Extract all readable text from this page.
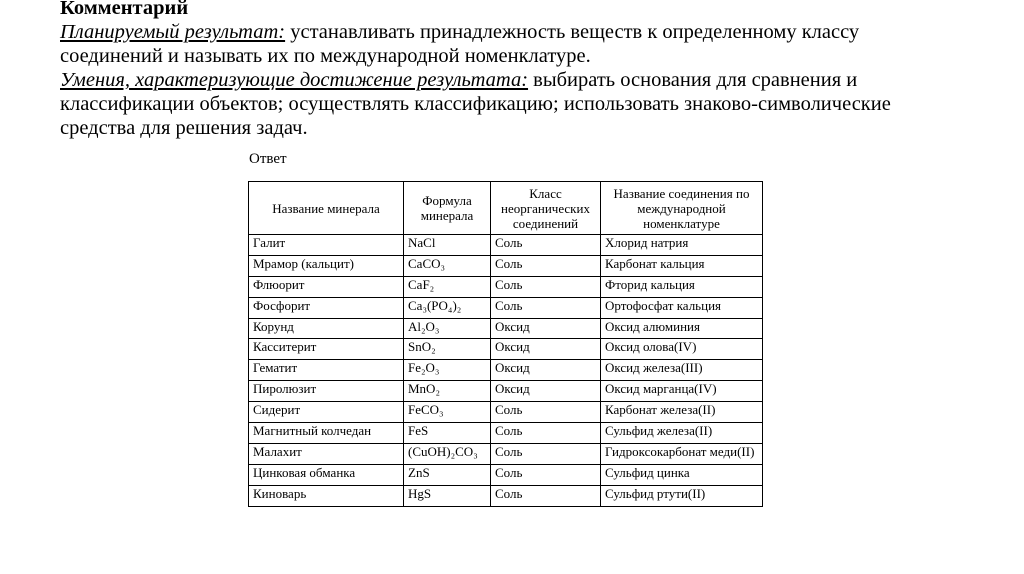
Комментарий
Планируемый результат: устанавливать принадлежность веществ к определенному классу соединений и называть их по международной номенклатуре.
Умения, характеризующие достижение результата: выбирать основания для сравнения и классификации объектов; осуществлять классификацию; использовать знаково-символические средства для решения задач.
Ответ
Название минерала	Формула минерала	Класс неорганических соединений	Название соединения по международной номенклатуре
Галит	NaCl	Соль	Хлорид натрия
Мрамор (кальцит)	CaCO₃	Соль	Карбонат кальция
Флюорит	CaF₂	Соль	Фторид кальция
Фосфорит	Ca₃(PO₄)₂	Соль	Ортофосфат кальция
Корунд	Al₂O₃	Оксид	Оксид алюминия
Касситерит	SnO₂	Оксид	Оксид олова(IV)
Гематит	Fe₂O₃	Оксид	Оксид железа(III)
Пиролюзит	MnO₂	Оксид	Оксид марганца(IV)
Сидерит	FeCO₃	Соль	Карбонат железа(II)
Магнитный колчедан	FeS	Соль	Сульфид железа(II)
Малахит	(CuOH)₂CO₃	Соль	Гидроксокарбонат меди(II)
Цинковая обманка	ZnS	Соль	Сульфид цинка
Киноварь	HgS	Соль	Сульфид ртути(II)
